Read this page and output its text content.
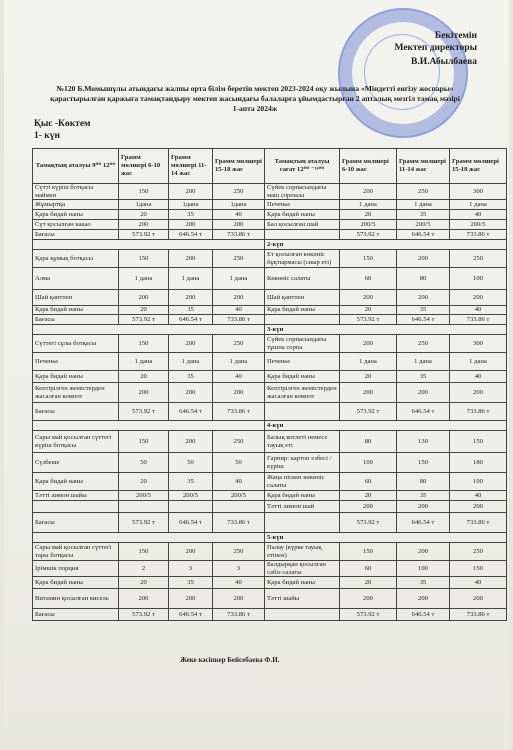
Бекітемін
Мектеп директоры
В.И.Абылбаева
№120 Б.Момышұлы атындағы жалпы орта білім беретін мектеп 2023-2024 оқу жылына «Міндетті енгізу жоспары»
қарастырылған қаржыға тамақтандыру мектеп жасындағы балаларға ұйымдастырған 2 апталық мезгіл тамақ мәзірі
1-апта 2024ж
Қыс -Көктем
1- күн
Тамақтың аталуы 9⁰⁰ 12⁰⁰	Грамм мөлшері 6-10 жас	Грамм мөлшері 11-14 жас	Грамм мөлшері 15-18 жас	Тамақтың аталуы сағат 12⁰⁰ ⁻¹⁶⁰⁰	Грамм мөлшері 6-10 жас	Грамм мөлшері 11-14 жас	Грамм мөлшері 15-18 жас
Сүтті күріш ботқасы маймен	150	200	250	Сүйек сорпасындағы маш сорпасы	200	250	300
Жұмыртқа	1дана	1дана	1дана	Печенье	1 дана	1 дана	1 дана
Қара бидай наны	20	35	40	Қара бидай наны	20	35	40
Сүт қосылған какао	200	200	200	Бал қосылған шай	200/5	200/5	200/5
Бағасы	573.92 т	646.54 т	733.86 т		573.92 т	646.54 т	733.86 т
				2-күн			
Қара құмық ботқасы	150	200	250	Ет қосылған көкөніс бұқтырмасы (сиыр еті)	150	200	250
Алма	1 дана	1 дана	1 дана	Көкөніс салаты	60	80	100
Шай қантпен	200	200	200	Шай қантпен	200	200	200
Қара бидай наны	20	35	40	Қара бидай наны	20	35	40
Бағасы	573.92 т	646.54 т	733.86 т		573.92 т	646.54 т	733.86 т
				3-күн			
Сүттегі сұлы ботқасы	150	200	250	Сүйек сорпасындағы тұшпа сорпа	200	250	300
Печенье	1 дана	1 дана	1 дана	Печенье	1 дана	1 дана	1 дана
Қара бидай наны	20	35	40	Қара бидай наны	20	35	40
Кептірілген жемістерден жасалған компот	200	200	200	Кептірілген жемістерден жасалған компот	200	200	200
Бағасы	573.92 т	646.54 т	733.86 т		573.92 т	646.54 т	733.86 т
				4-күн			
Сары май қосылған сүттегі күріш ботқасы	150	200	250	Балық котлеті немесе тауық еті	80	130	150
Сүзбеше	50	50	50	Гарнир: картоп езбесі /күріш	100	150	180
Қара бидай наны	20	35	40	Жаңа піскен көкөніс салаты	60	80	100
Тәтті лимон шайы	200/5	200/5	200/5	Қара бидай наны	20	35	40
				Тәтті лимон шай	200	200	200
Бағасы	573.92 т	646.54 т	733.86 т		573.92 т	646.54 т	733.86 т
				5-күн			
Сары май қосылған сүттегі тары ботқасы	150	200	250	Палау (күрке тауық етінен)	150	200	250
Ірімшік порция	2	3	3	Балдырқан қосылған сәбіз салаты	60	100	150
Қара бидай наны	20	35	40	Қара бидай наны	20	35	40
Витамин қосылған кисель	200	200	200	Тәтті шайы	200	200	200
Бағасы	573.92 т	646.54 т	733.86 т		573.92 т	646.54 т	733.86 т
Жеке кәсіпкер Бейсебаева Ф.И.
